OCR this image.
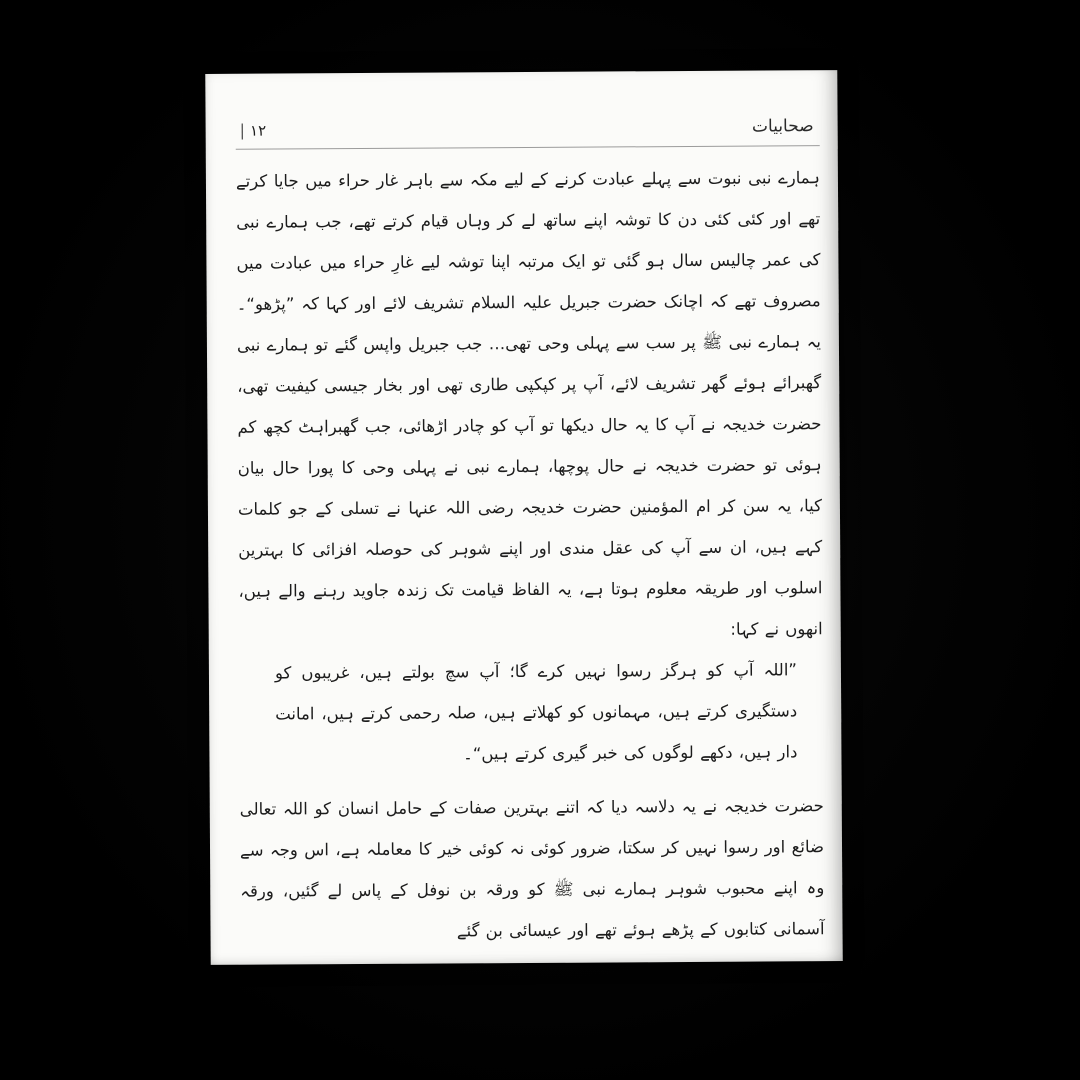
صحابیات
۱۲
|

ہمارے نبی نبوت سے پہلے عبادت کرنے کے لیے مکہ سے باہر غار حراء میں جایا کرتے تھے اور کئی کئی دن کا توشہ اپنے ساتھ لے کر وہاں قیام کرتے تھے، جب ہمارے نبی کی عمر چالیس سال ہو گئی تو ایک مرتبہ اپنا توشہ لیے غارِ حراء میں عبادت میں مصروف تھے کہ اچانک حضرت جبریل علیہ السلام تشریف لائے اور کہا کہ ”پڑھو“۔ یہ ہمارے نبی ﷺ پر سب سے پہلی وحی تھی… جب جبریل واپس گئے تو ہمارے نبی گھبرائے ہوئے گھر تشریف لائے، آپ پر کپکپی طاری تھی اور بخار جیسی کیفیت تھی، حضرت خدیجہ نے آپ کا یہ حال دیکھا تو آپ کو چادر اڑھائی، جب گھبراہٹ کچھ کم ہوئی تو حضرت خدیجہ نے حال پوچھا، ہمارے نبی نے پہلی وحی کا پورا حال بیان کیا، یہ سن کر ام المؤمنین حضرت خدیجہ رضی اللہ عنہا نے تسلی کے جو کلمات کہے ہیں، ان سے آپ کی عقل مندی اور اپنے شوہر کی حوصلہ افزائی کا بہترین اسلوب اور طریقہ معلوم ہوتا ہے، یہ الفاظ قیامت تک زندہ جاوید رہنے والے ہیں، انھوں نے کہا:

”اللہ آپ کو ہرگز رسوا نہیں کرے گا؛ آپ سچ بولتے ہیں، غریبوں کو دستگیری کرتے ہیں، مہمانوں کو کھلاتے ہیں، صلہ رحمی کرتے ہیں، امانت دار ہیں، دکھے لوگوں کی خبر گیری کرتے ہیں“۔

حضرت خدیجہ نے یہ دلاسہ دیا کہ اتنے بہترین صفات کے حامل انسان کو اللہ تعالی ضائع اور رسوا نہیں کر سکتا، ضرور کوئی نہ کوئی خیر کا معاملہ ہے، اس وجہ سے وہ اپنے محبوب شوہر ہمارے نبی ﷺ کو ورقہ بن نوفل کے پاس لے گئیں، ورقہ آسمانی کتابوں کے پڑھے ہوئے تھے اور عیسائی بن گئے
